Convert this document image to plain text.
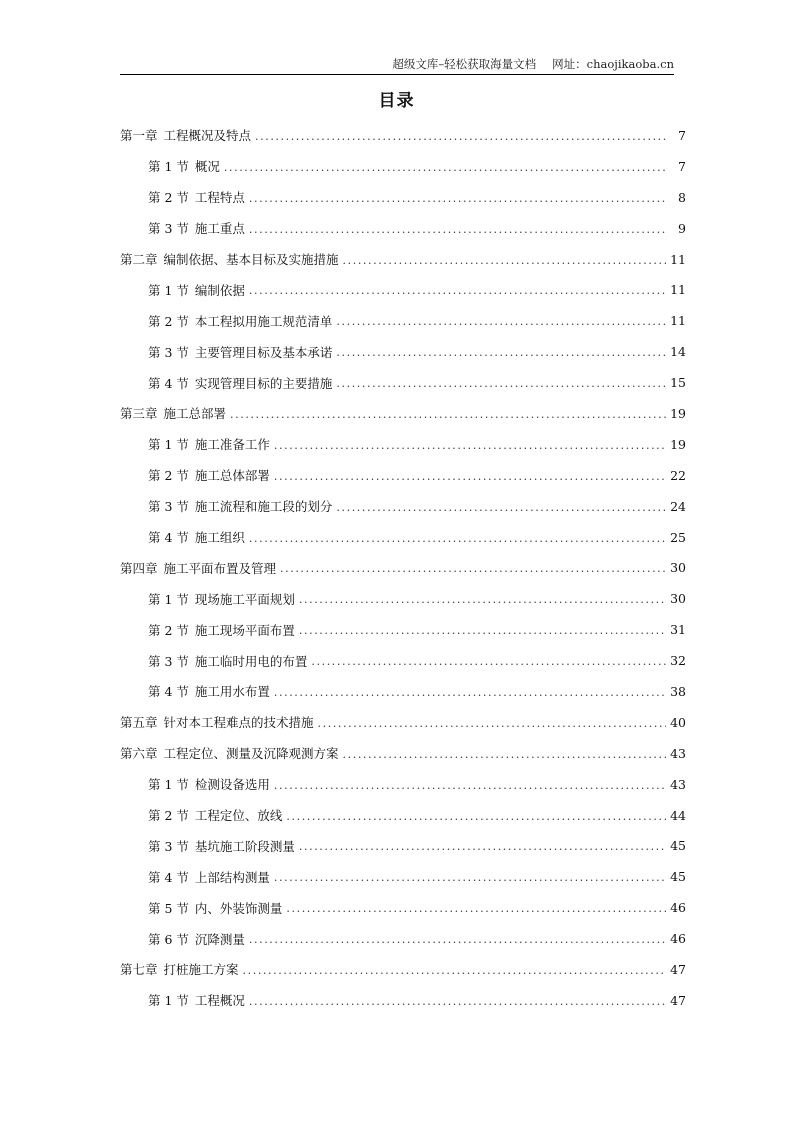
超级文库–轻松获取海量文档 网址：chaojikaoba.cn
目录
第一章 工程概况及特点 .....	7
第 1 节 概况 .....	7
第 2 节 工程特点 .....	8
第 3 节 施工重点 .....	9
第二章 编制依据、基本目标及实施措施 .....	11
第 1 节 编制依据 .....	11
第 2 节 本工程拟用施工规范清单 .....	11
第 3 节 主要管理目标及基本承诺 .....	14
第 4 节 实现管理目标的主要措施 .....	15
第三章 施工总部署 .....	19
第 1 节 施工准备工作 .....	19
第 2 节 施工总体部署 .....	22
第 3 节 施工流程和施工段的划分 .....	24
第 4 节 施工组织 .....	25
第四章 施工平面布置及管理 .....	30
第 1 节 现场施工平面规划 .....	30
第 2 节 施工现场平面布置 .....	31
第 3 节 施工临时用电的布置 .....	32
第 4 节 施工用水布置 .....	38
第五章 针对本工程难点的技术措施 .....	40
第六章 工程定位、测量及沉降观测方案 .....	43
第 1 节 检测设备选用 .....	43
第 2 节 工程定位、放线 .....	44
第 3 节 基坑施工阶段测量 .....	45
第 4 节 上部结构测量 .....	45
第 5 节 内、外装饰测量 .....	46
第 6 节 沉降测量 .....	46
第七章 打桩施工方案 .....	47
第 1 节 工程概况 .....	47
